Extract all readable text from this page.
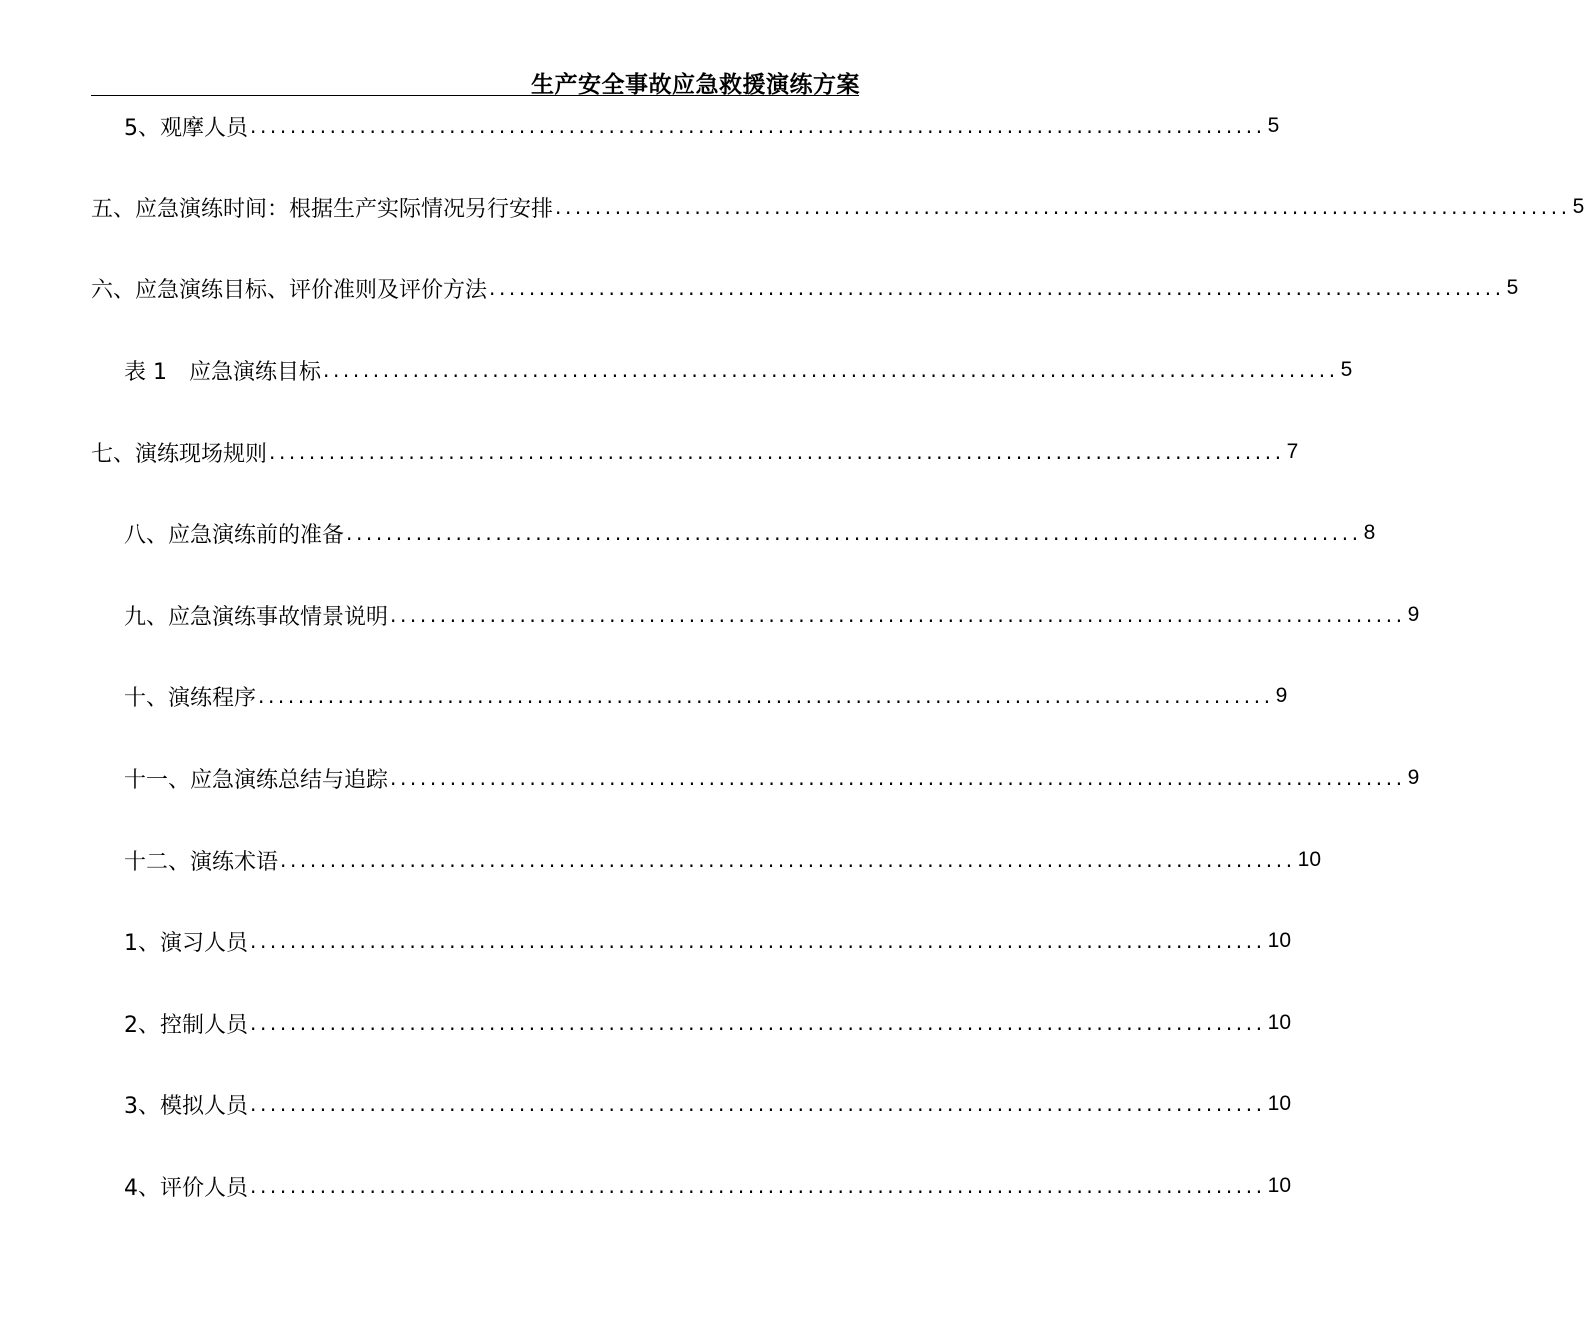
生产安全事故应急救援演练方案
5、观摩人员 ...................................................................................................... 5
五、应急演练时间：根据生产实际情况另行安排 ...................................................................................................... 5
六、应急演练目标、评价准则及评价方法 ...................................................................................................... 5
表 1　应急演练目标 ...................................................................................................... 5
七、演练现场规则 ...................................................................................................... 7
八、应急演练前的准备 ...................................................................................................... 8
九、应急演练事故情景说明 ...................................................................................................... 9
十、演练程序 ...................................................................................................... 9
十一、应急演练总结与追踪 ...................................................................................................... 9
十二、演练术语 ...................................................................................................... 10
1、演习人员 ...................................................................................................... 10
2、控制人员 ...................................................................................................... 10
3、模拟人员 ...................................................................................................... 10
4、评价人员 ...................................................................................................... 10
